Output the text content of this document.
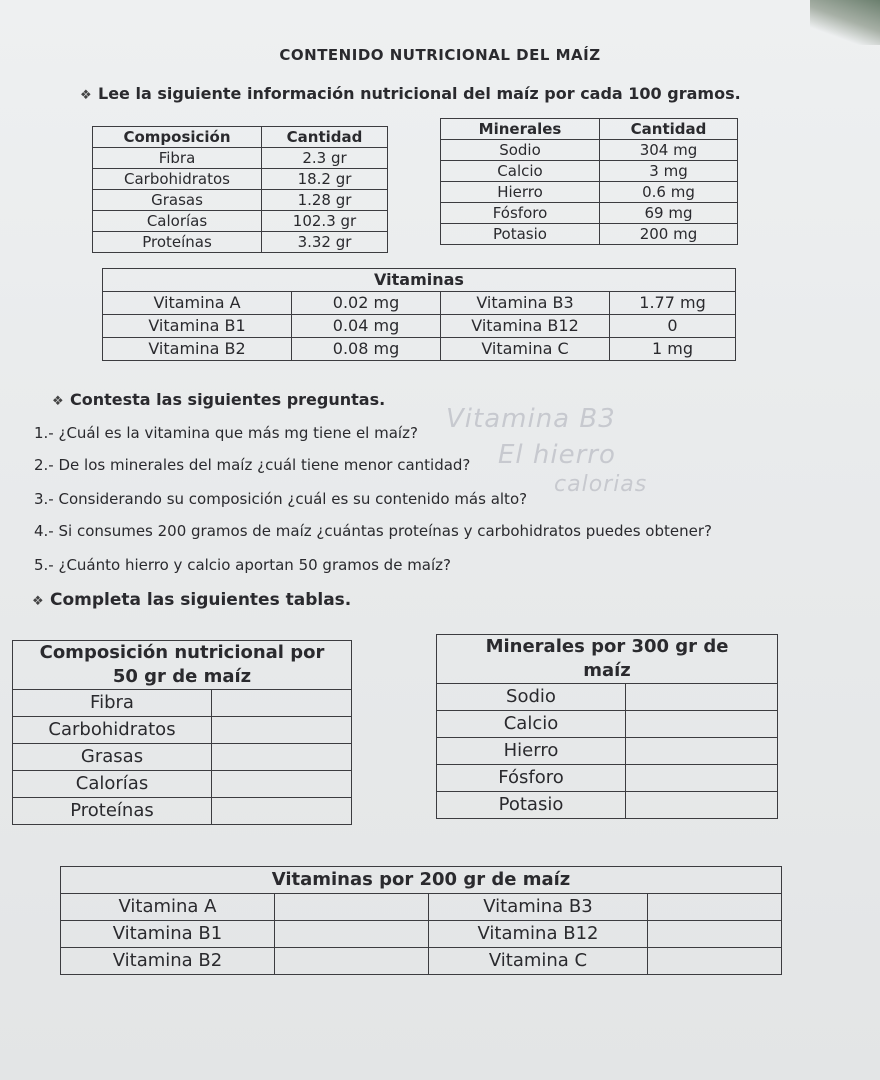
CONTENIDO NUTRICIONAL DEL MAÍZ
❖ Lee la siguiente información nutricional del maíz por cada 100 gramos.
Composición	Cantidad
Fibra	2.3 gr
Carbohidratos	18.2 gr
Grasas	1.28 gr
Calorías	102.3 gr
Proteínas	3.32 gr
Minerales	Cantidad
Sodio	304 mg
Calcio	3 mg
Hierro	0.6 mg
Fósforo	69 mg
Potasio	200 mg
Vitaminas			
Vitamina A	0.02 mg	Vitamina B3	1.77 mg
Vitamina B1	0.04 mg	Vitamina B12	0
Vitamina B2	0.08 mg	Vitamina C	1 mg
❖ Contesta las siguientes preguntas.
1.- ¿Cuál es la vitamina que más mg tiene el maíz?
2.- De los minerales del maíz ¿cuál tiene menor cantidad?
3.- Considerando su composición ¿cuál es su contenido más alto?
4.- Si consumes 200 gramos de maíz ¿cuántas proteínas y carbohidratos puedes obtener?
5.- ¿Cuánto hierro y calcio aportan 50 gramos de maíz?
Vitamina B3
El hierro
calorias
❖ Completa las siguientes tablas.
Composición nutricional por
50 gr de maíz	
Fibra	
Carbohidratos	
Grasas	
Calorías	
Proteínas	
Minerales por 300 gr de
maíz	
Sodio	
Calcio	
Hierro	
Fósforo	
Potasio	
Vitaminas por 200 gr de maíz			
Vitamina A		Vitamina B3	
Vitamina B1		Vitamina B12	
Vitamina B2		Vitamina C	
